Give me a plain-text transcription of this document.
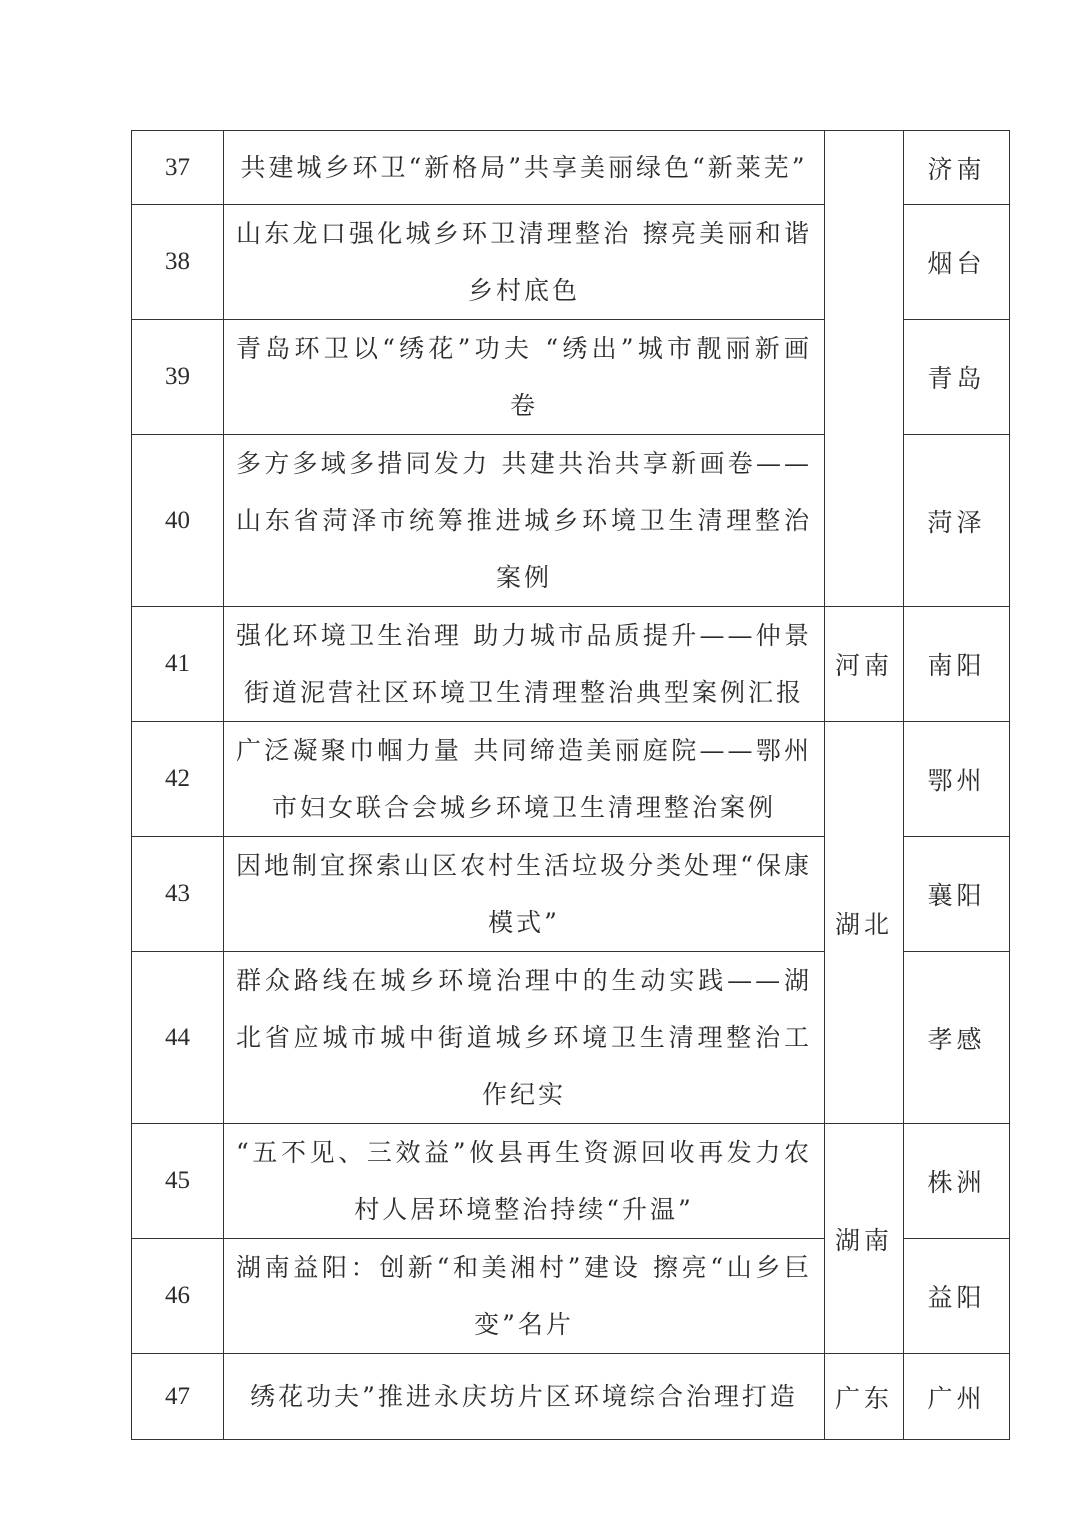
37	共建城乡环卫“新格局”共享美丽绿色“新莱芜”		济南
38	山东龙口强化城乡环卫清理整治 擦亮美丽和谐乡村底色		烟台
39	青岛环卫以“绣花”功夫 “绣出”城市靓丽新画卷		青岛
40	多方多域多措同发力 共建共治共享新画卷——山东省菏泽市统筹推进城乡环境卫生清理整治案例		菏泽
41	强化环境卫生治理 助力城市品质提升——仲景街道泥营社区环境卫生清理整治典型案例汇报	河南	南阳
42	广泛凝聚巾帼力量 共同缔造美丽庭院——鄂州市妇女联合会城乡环境卫生清理整治案例	湖北	鄂州
43	因地制宜探索山区农村生活垃圾分类处理“保康模式”		襄阳
44	群众路线在城乡环境治理中的生动实践——湖北省应城市城中街道城乡环境卫生清理整治工作纪实		孝感
45	“五不见、三效益”攸县再生资源回收再发力农村人居环境整治持续“升温”	湖南	株洲
46	湖南益阳：创新“和美湘村”建设 擦亮“山乡巨变”名片		益阳
47	绣花功夫”推进永庆坊片区环境综合治理打造	广东	广州
